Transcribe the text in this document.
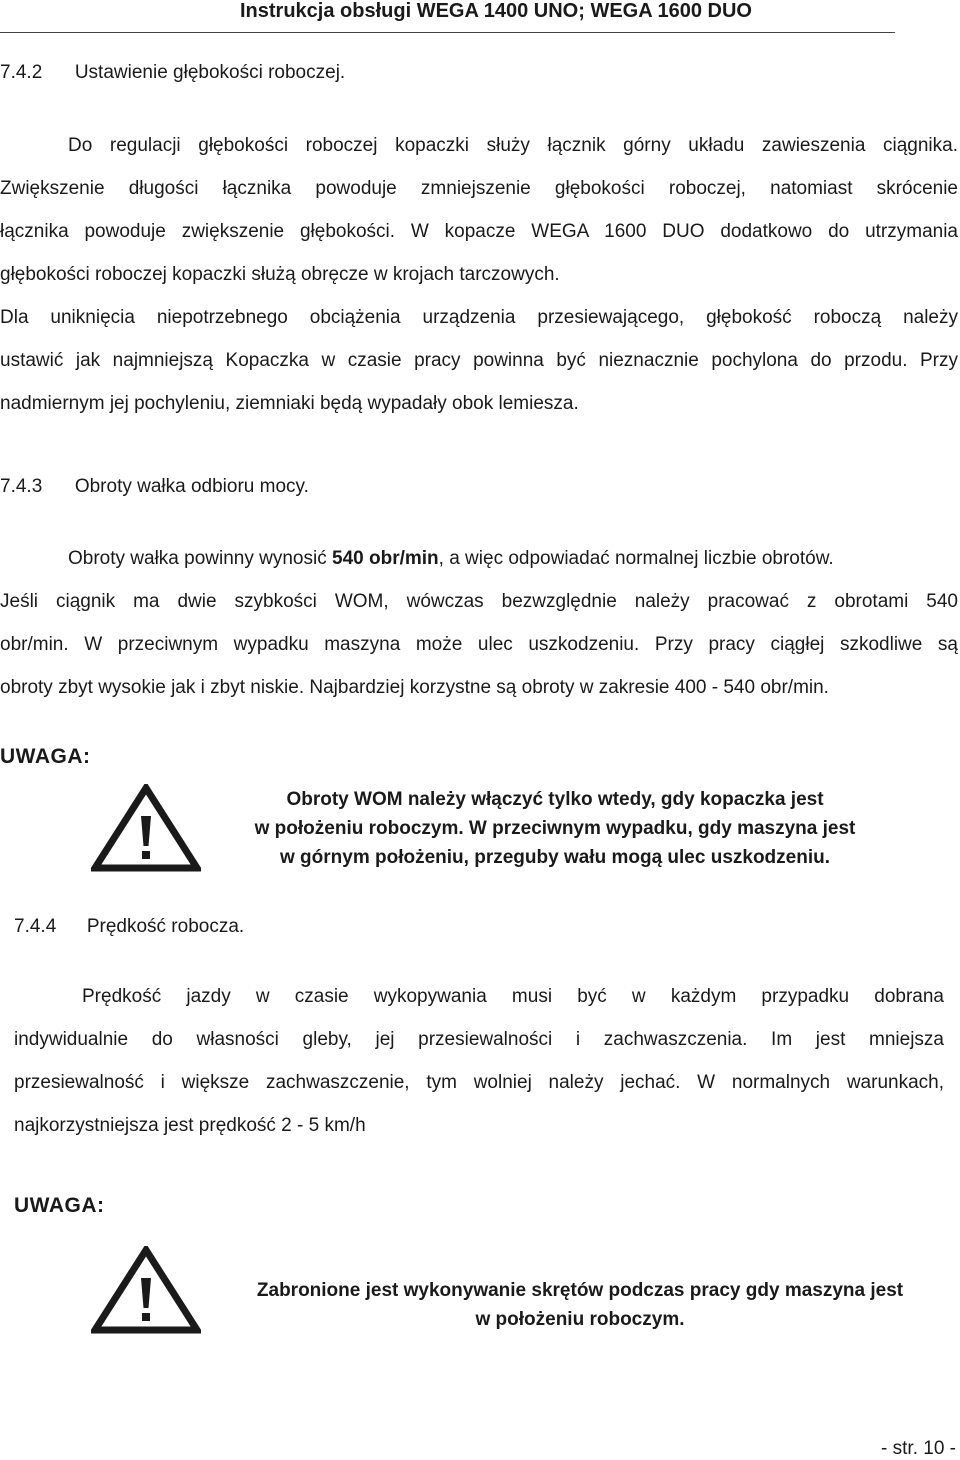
Instrukcja obsługi WEGA 1400 UNO; WEGA 1600 DUO
7.4.2 Ustawienie głębokości roboczej.
Do regulacji głębokości roboczej kopaczki służy łącznik górny układu zawieszenia ciągnika.
Zwiększenie długości łącznika powoduje zmniejszenie głębokości roboczej, natomiast skrócenie
łącznika powoduje zwiększenie głębokości. W kopacze WEGA 1600 DUO dodatkowo do utrzymania
głębokości roboczej kopaczki służą obręcze w krojach tarczowych.
Dla uniknięcia niepotrzebnego obciążenia urządzenia przesiewającego, głębokość roboczą należy
ustawić jak najmniejszą Kopaczka w czasie pracy powinna być nieznacznie pochylona do przodu. Przy
nadmiernym jej pochyleniu, ziemniaki będą wypadały obok lemiesza.
7.4.3 Obroty wałka odbioru mocy.
Obroty wałka powinny wynosić 540 obr/min, a więc odpowiadać normalnej liczbie obrotów.
Jeśli ciągnik ma dwie szybkości WOM, wówczas bezwzględnie należy pracować z obrotami 540
obr/min. W przeciwnym wypadku maszyna może ulec uszkodzeniu. Przy pracy ciągłej szkodliwe są
obroty zbyt wysokie jak i zbyt niskie. Najbardziej korzystne są obroty w zakresie 400 - 540 obr/min.
UWAGA:
Obroty WOM należy włączyć tylko wtedy, gdy kopaczka jest
w położeniu roboczym. W przeciwnym wypadku, gdy maszyna jest
w górnym położeniu, przeguby wału mogą ulec uszkodzeniu.
7.4.4 Prędkość robocza.
Prędkość jazdy w czasie wykopywania musi być w każdym przypadku dobrana
indywidualnie do własności gleby, jej przesiewalności i zachwaszczenia. Im jest mniejsza
przesiewalność i większe zachwaszczenie, tym wolniej należy jechać. W normalnych warunkach,
najkorzystniejsza jest prędkość 2 - 5 km/h
UWAGA:
Zabronione jest wykonywanie skrętów podczas pracy gdy maszyna jest
w położeniu roboczym.
- str. 10 -
